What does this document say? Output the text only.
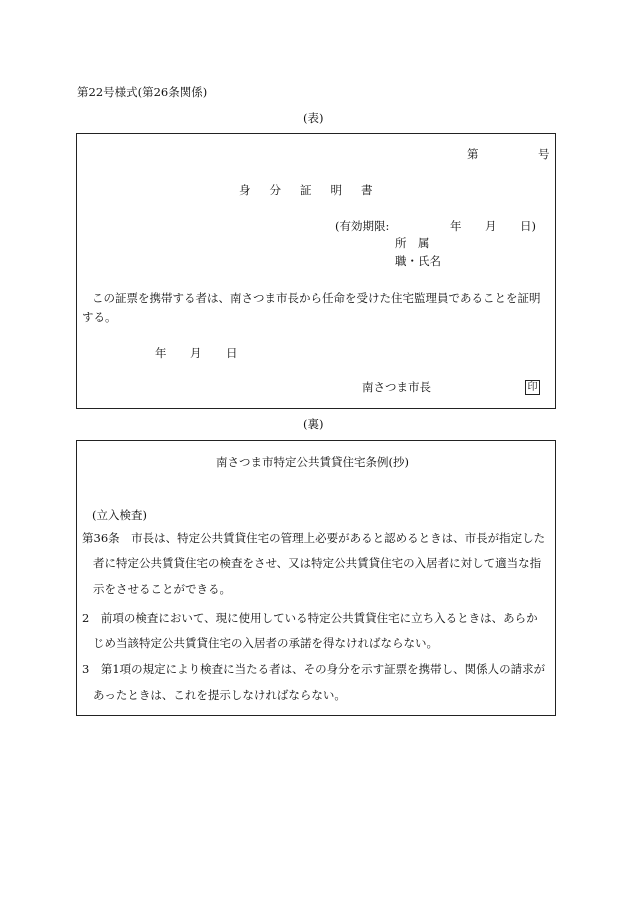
第22号様式(第26条関係)
(表)
第	号
身分証明書
(有効期限:	年 月 日)
所　属
職・氏名
この証票を携帯する者は、南さつま市長から任命を受けた住宅監理員であることを証明
する。
年 月 日
南さつま市長	印
(裏)
南さつま市特定公共賃貸住宅条例(抄)
(立入検査)
第36条　市長は、特定公共賃貸住宅の管理上必要があると認めるときは、市長が指定した
者に特定公共賃貸住宅の検査をさせ、又は特定公共賃貸住宅の入居者に対して適当な指
示をさせることができる。
2　前項の検査において、現に使用している特定公共賃貸住宅に立ち入るときは、あらか
じめ当該特定公共賃貸住宅の入居者の承諾を得なければならない。
3　第1項の規定により検査に当たる者は、その身分を示す証票を携帯し、関係人の請求が
あったときは、これを提示しなければならない。
